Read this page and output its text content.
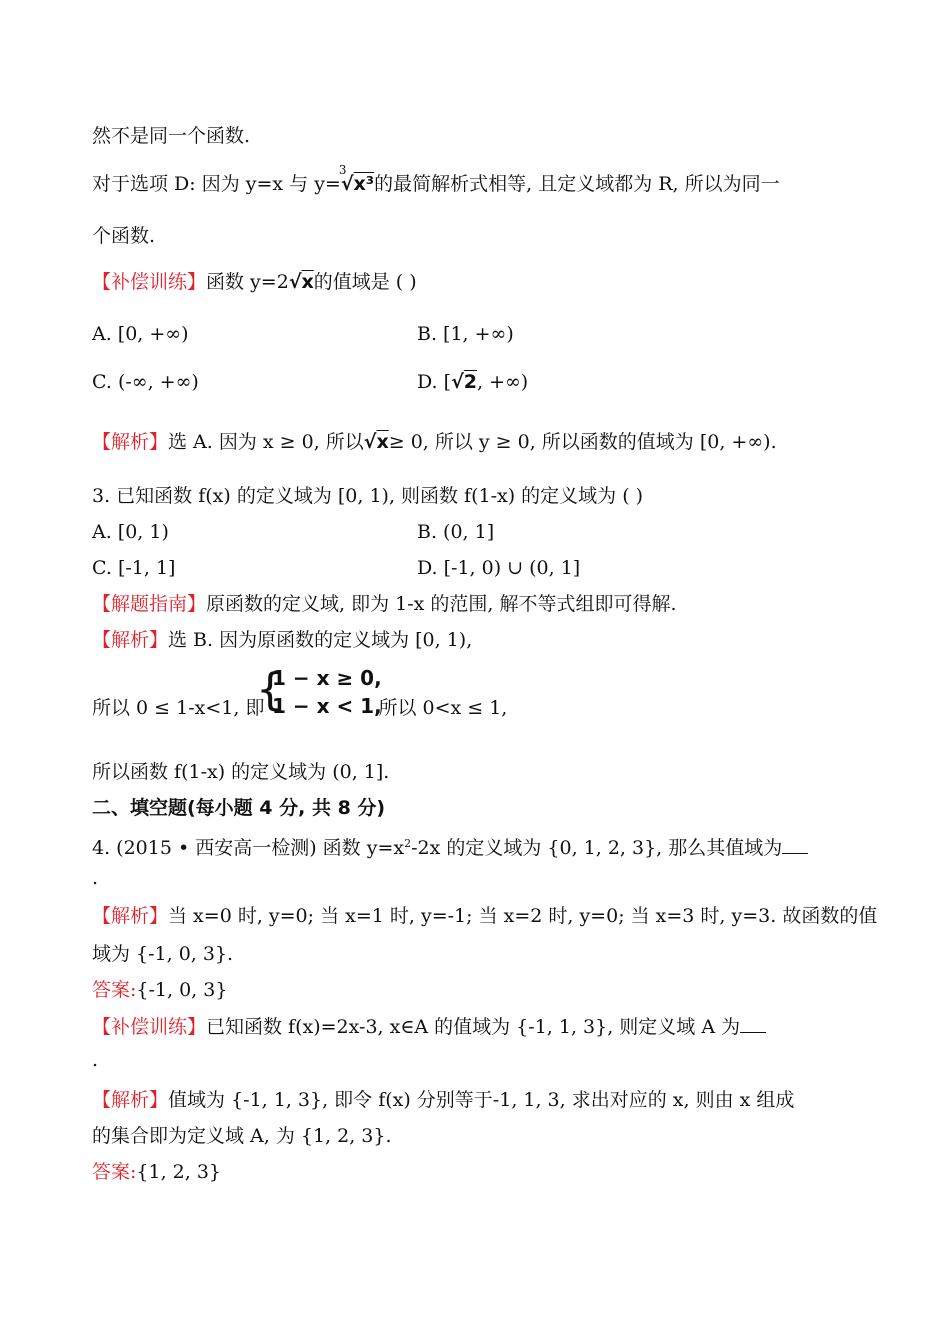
然不是同一个函数.
对于选项 D: 因为 y=x 与 y=
3
√x³的最简解析式相等, 且定义域都为 R, 所以为同一
个函数.
【补偿训练】函数 y=2√x的值域是 ( )
A. [0, +∞)	B. [1, +∞)
C. (-∞, +∞)	D. [√2, +∞)
【解析】选 A. 因为 x ≥ 0, 所以√x≥ 0, 所以 y ≥ 0, 所以函数的值域为 [0, +∞).
3. 已知函数 f(x) 的定义域为 [0, 1), 则函数 f(1-x) 的定义域为 ( )
A. [0, 1)	B. (0, 1]
C. [-1, 1]	D. [-1, 0) ∪ (0, 1]
【解题指南】原函数的定义域, 即为 1-x 的范围, 解不等式组即可得解.
【解析】选 B. 因为原函数的定义域为 [0, 1),
所以 0 ≤ 1-x<1, 即	所以 0<x ≤ 1,
{
1 − x ≥ 0,
1 − x < 1,
所以函数 f(1-x) 的定义域为 (0, 1].
二、填空题(每小题 4 分, 共 8 分)
4. (2015 • 西安高一检测) 函数 $y=x^2-2x$ 的定义域为 {0, 1, 2, 3}, 那么其值域为
.
【解析】当 x=0 时, y=0; 当 x=1 时, y=-1; 当 x=2 时, y=0; 当 x=3 时, y=3. 故函数的值
域为 {-1, 0, 3}.
答案:{-1, 0, 3}
【补偿训练】已知函数 f(x)=2x-3, x∈A 的值域为 {-1, 1, 3}, 则定义域 A 为
.
【解析】值域为 {-1, 1, 3}, 即令 f(x) 分别等于-1, 1, 3, 求出对应的 x, 则由 x 组成
的集合即为定义域 A, 为 {1, 2, 3}.
答案:{1, 2, 3}
